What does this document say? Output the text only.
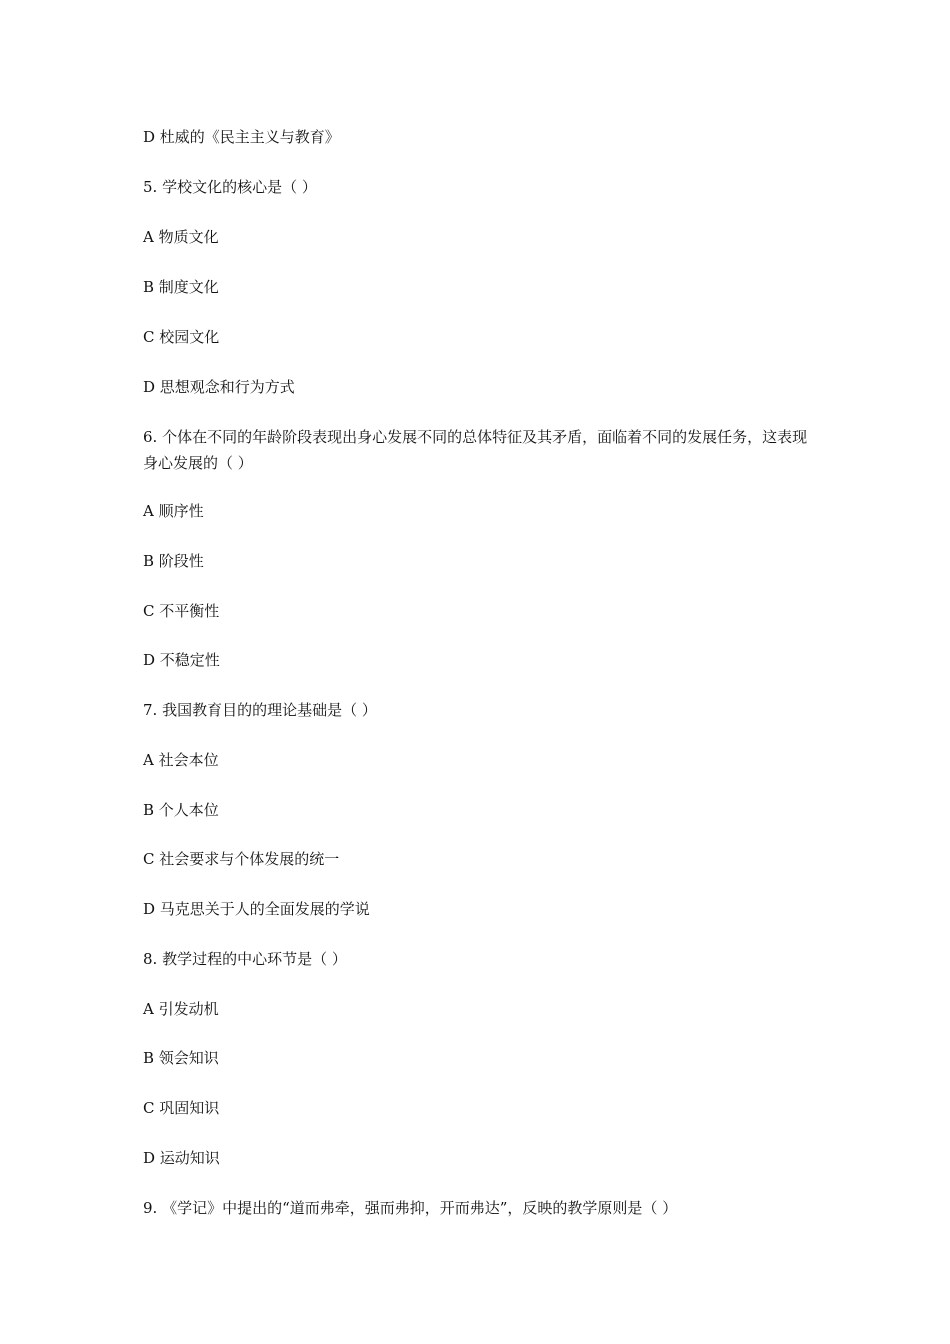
D 杜威的《民主主义与教育》
5. 学校文化的核心是（ ）
A 物质文化
B 制度文化
C 校园文化
D 思想观念和行为方式
6. 个体在不同的年龄阶段表现出身心发展不同的总体特征及其矛盾，面临着不同的发展任务，这表现身心发展的（ ）
A 顺序性
B 阶段性
C 不平衡性
D 不稳定性
7. 我国教育目的的理论基础是（ ）
A 社会本位
B 个人本位
C 社会要求与个体发展的统一
D 马克思关于人的全面发展的学说
8. 教学过程的中心环节是（ ）
A 引发动机
B 领会知识
C 巩固知识
D 运动知识
9. 《学记》中提出的“道而弗牵，强而弗抑，开而弗达”，反映的教学原则是（ ）
